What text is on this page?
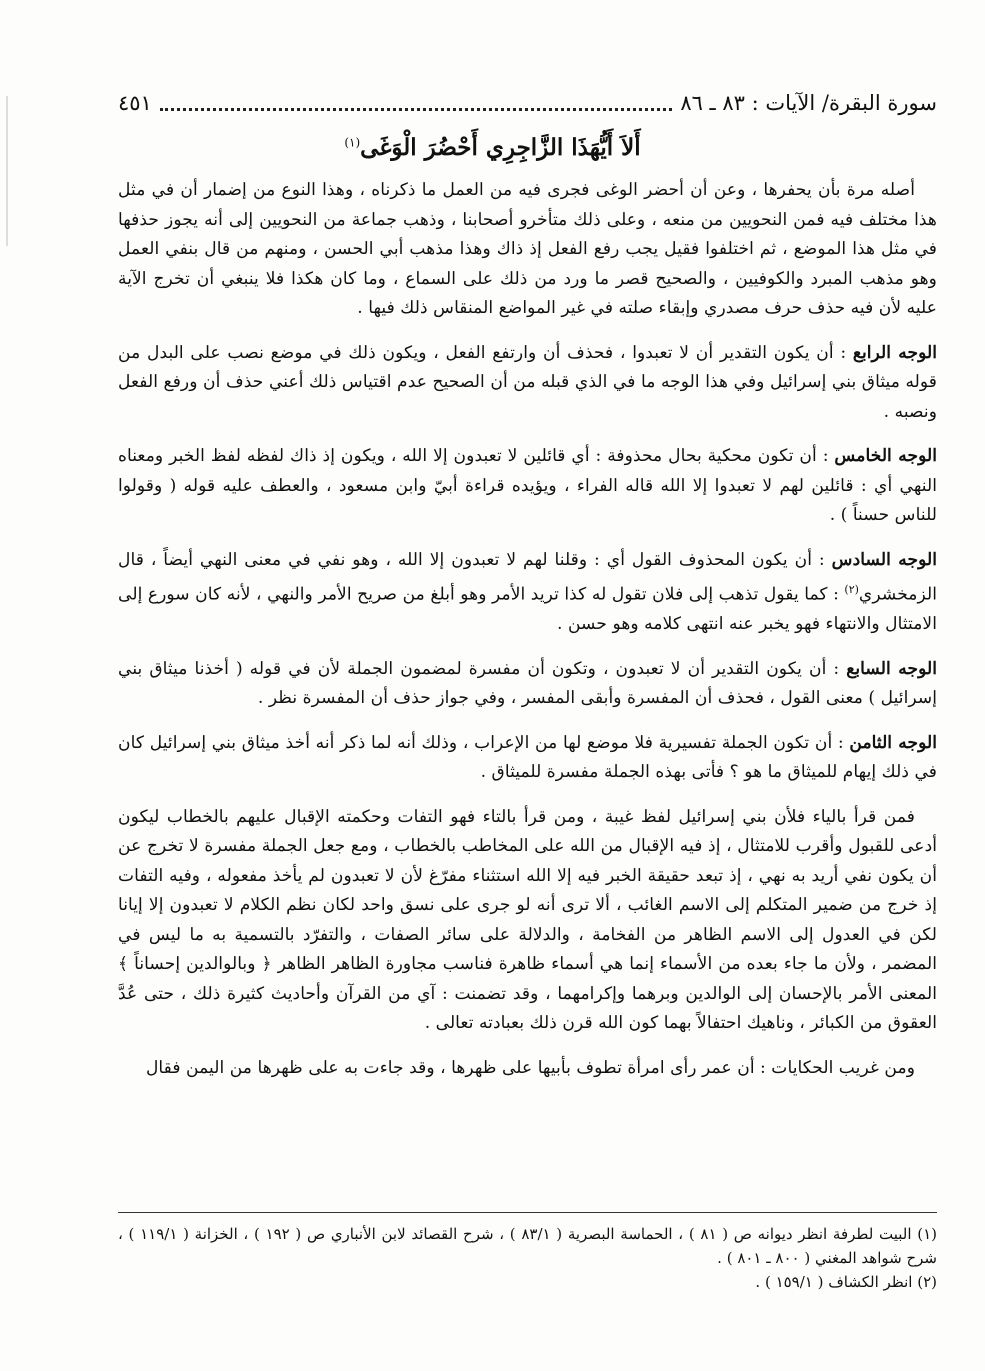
سورة البقرة/ الآيات : ٨٣ ـ ٨٦
٤٥١
أَلاَ أَيُّهَذَا الزَّاجِرِي أَحْضُرَ الْوَغَى$^{(١)}$

أصله مرة بأن يحفرها ، وعن أن أحضر الوغى فجرى فيه من العمل ما ذكرناه ، وهذا النوع من إضمار أن في مثل هذا مختلف فيه فمن النحويين من منعه ، وعلى ذلك متأخرو أصحابنا ، وذهب جماعة من النحويين إلى أنه يجوز حذفها في مثل هذا الموضع ، ثم اختلفوا فقيل يجب رفع الفعل إذ ذاك وهذا مذهب أبي الحسن ، ومنهم من قال بنفي العمل وهو مذهب المبرد والكوفيين ، والصحيح قصر ما ورد من ذلك على السماع ، وما كان هكذا فلا ينبغي أن تخرج الآية عليه لأن فيه حذف حرف مصدري وإبقاء صلته في غير المواضع المنقاس ذلك فيها .

الوجه الرابع : أن يكون التقدير أن لا تعبدوا ، فحذف أن وارتفع الفعل ، ويكون ذلك في موضع نصب على البدل من قوله ميثاق بني إسرائيل وفي هذا الوجه ما في الذي قبله من أن الصحيح عدم اقتياس ذلك أعني حذف أن ورفع الفعل ونصبه .

الوجه الخامس : أن تكون محكية بحال محذوفة : أي قائلين لا تعبدون إلا الله ، ويكون إذ ذاك لفظه لفظ الخبر ومعناه النهي أي : قائلين لهم لا تعبدوا إلا الله قاله الفراء ، ويؤيده قراءة أبيّ وابن مسعود ، والعطف عليه قوله ( وقولوا للناس حسناً ) .

الوجه السادس : أن يكون المحذوف القول أي : وقلنا لهم لا تعبدون إلا الله ، وهو نفي في معنى النهي أيضاً ، قال الزمخشري$^{(٢)}$ : كما يقول تذهب إلى فلان تقول له كذا تريد الأمر وهو أبلغ من صريح الأمر والنهي ، لأنه كان سورع إلى الامتثال والانتهاء فهو يخبر عنه انتهى كلامه وهو حسن .

الوجه السابع : أن يكون التقدير أن لا تعبدون ، وتكون أن مفسرة لمضمون الجملة لأن في قوله ( أخذنا ميثاق بني إسرائيل ) معنى القول ، فحذف أن المفسرة وأبقى المفسر ، وفي جواز حذف أن المفسرة نظر .

الوجه الثامن : أن تكون الجملة تفسيرية فلا موضع لها من الإعراب ، وذلك أنه لما ذكر أنه أخذ ميثاق بني إسرائيل كان في ذلك إيهام للميثاق ما هو ؟ فأتى بهذه الجملة مفسرة للميثاق .

فمن قرأ بالياء فلأن بني إسرائيل لفظ غيبة ، ومن قرأ بالتاء فهو التفات وحكمته الإقبال عليهم بالخطاب ليكون أدعى للقبول وأقرب للامتثال ، إذ فيه الإقبال من الله على المخاطب بالخطاب ، ومع جعل الجملة مفسرة لا تخرج عن أن يكون نفي أريد به نهي ، إذ تبعد حقيقة الخبر فيه إلا الله استثناء مفرّغ لأن لا تعبدون لم يأخذ مفعوله ، وفيه التفات إذ خرج من ضمير المتكلم إلى الاسم الغائب ، ألا ترى أنه لو جرى على نسق واحد لكان نظم الكلام لا تعبدون إلا إيانا لكن في العدول إلى الاسم الظاهر من الفخامة ، والدلالة على سائر الصفات ، والتفرّد بالتسمية به ما ليس في المضمر ، ولأن ما جاء بعده من الأسماء إنما هي أسماء ظاهرة فناسب مجاورة الظاهر الظاهر ﴿ وبالوالدين إحساناً ﴾ المعنى الأمر بالإحسان إلى الوالدين وبرهما وإكرامهما ، وقد تضمنت : آي من القرآن وأحاديث كثيرة ذلك ، حتى عُدَّ العقوق من الكبائر ، وناهيك احتفالاً بهما كون الله قرن ذلك بعبادته تعالى .

ومن غريب الحكايات : أن عمر رأى امرأة تطوف بأبيها على ظهرها ، وقد جاءت به على ظهرها من اليمن فقال

(١) البيت لطرفة انظر ديوانه ص ( ٨١ ) ، الحماسة البصرية ( ٨٣/١ ) ، شرح القصائد لابن الأنباري ص ( ١٩٢ ) ، الخزانة ( ١١٩/١ ) ، شرح شواهد المغني ( ٨٠٠ ـ ٨٠١ ) .

(٢) انظر الكشاف ( ١٥٩/١ ) .
